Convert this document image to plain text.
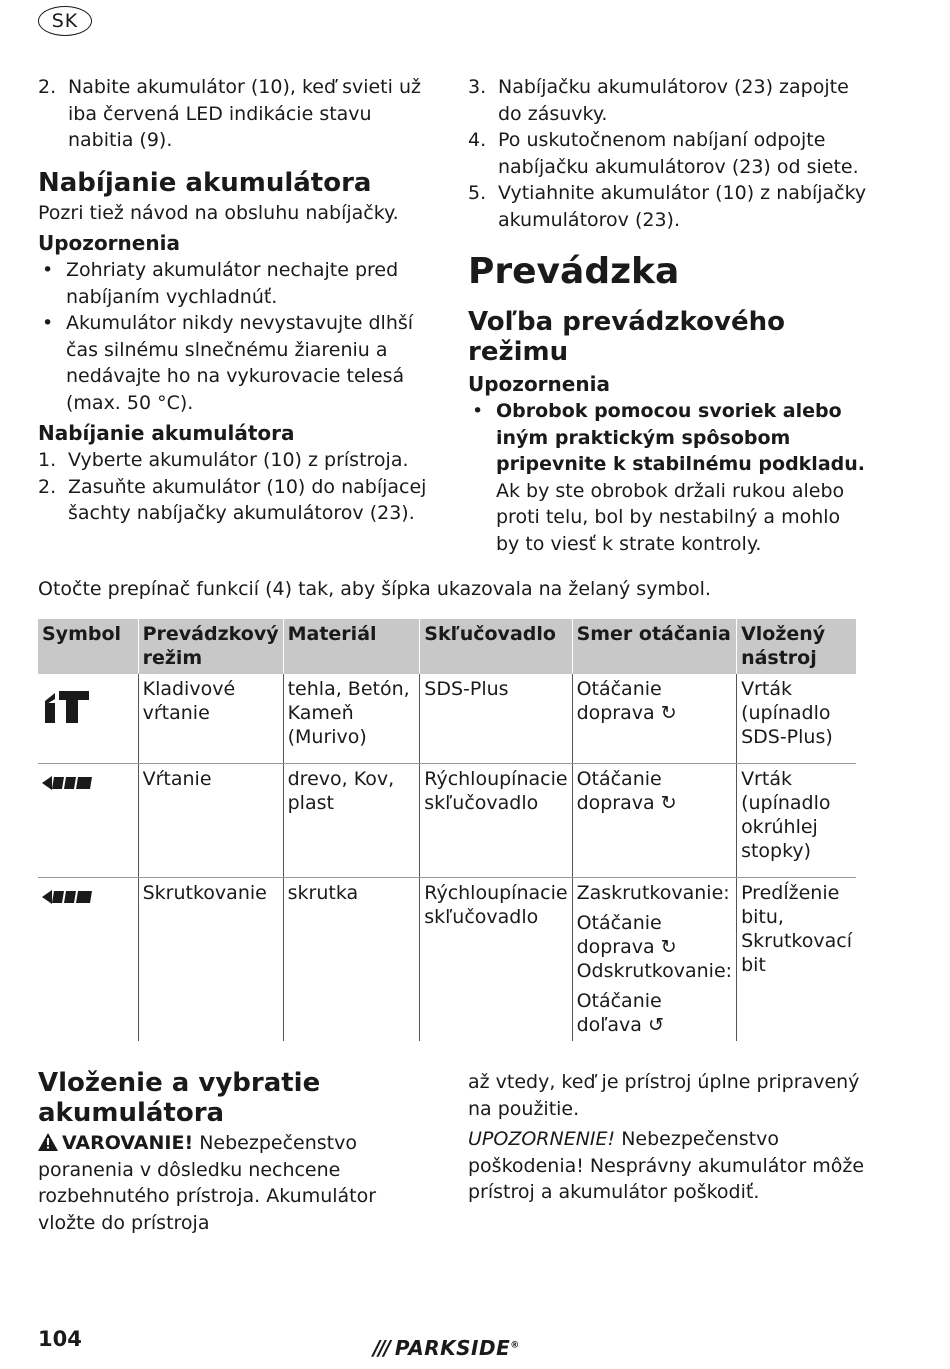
SK
2. Nabite akumulátor (10), keď svieti už iba červená LED indikácie stavu nabitia (9).
Nabíjanie akumulátora

Pozri tiež návod na obsluhu nabíjačky.

Upozornenia
• Zohriaty akumulátor nechajte pred nabíjaním vychladnúť.
• Akumulátor nikdy nevystavujte dlhší čas silnému slnečnému žiareniu a nedávajte ho na vykurovacie telesá (max. 50 °C).
Nabíjanie akumulátora
1. Vyberte akumulátor (10) z prístroja.
2. Zasuňte akumulátor (10) do nabíjacej šachty nabíjačky akumulátorov (23).
3. Nabíjačku akumulátorov (23) zapojte do zásuvky.
4. Po uskutočnenom nabíjaní odpojte nabíjačku akumulátorov (23) od siete.
5. Vytiahnite akumulátor (10) z nabíjačky akumulátorov (23).
Prevádzka
Voľba prevádzkového režimu
Upozornenia
• Obrobok pomocou svoriek alebo iným praktickým spôsobom pripevnite k stabilnému podkladu. Ak by ste obrobok držali rukou alebo proti telu, bol by nestabilný a mohlo by to viesť k strate kontroly.
Otočte prepínač funkcií (4) tak, aby šípka ukazovala na želaný symbol.
Symbol	Prevádzkový režim	Materiál	Skľučovadlo	Smer otáčania	Vložený nástroj
	Kladivové vŕtanie	tehla, Betón, Kameň (Murivo)	SDS-Plus	Otáčanie doprava ↻	Vrták (upínadlo SDS-Plus)
	Vŕtanie	drevo, Kov, plast	Rýchloupínacie skľučovadlo	Otáčanie doprava ↻	Vrták (upínadlo okrúhlej stopky)
	Skrutkovanie	skrutka	Rýchloupínacie skľučovadlo	Zaskrutkovanie:
Otáčanie doprava ↻
Odskrutkovanie:
Otáčanie doľava ↺	Predĺženie bitu, Skrutkovací bit
Vloženie a vybratie akumulátora

VAROVANIE! Nebezpečenstvo poranenia v dôsledku nechcene rozbehnutého prístroja. Akumulátor vložte do prístroja

až vtedy, keď je prístroj úplne pripravený na použitie.

UPOZORNENIE! Nebezpečenstvo poškodenia! Nesprávny akumulátor môže prístroj a akumulátor poškodiť.

104	/// PARKSIDE®
